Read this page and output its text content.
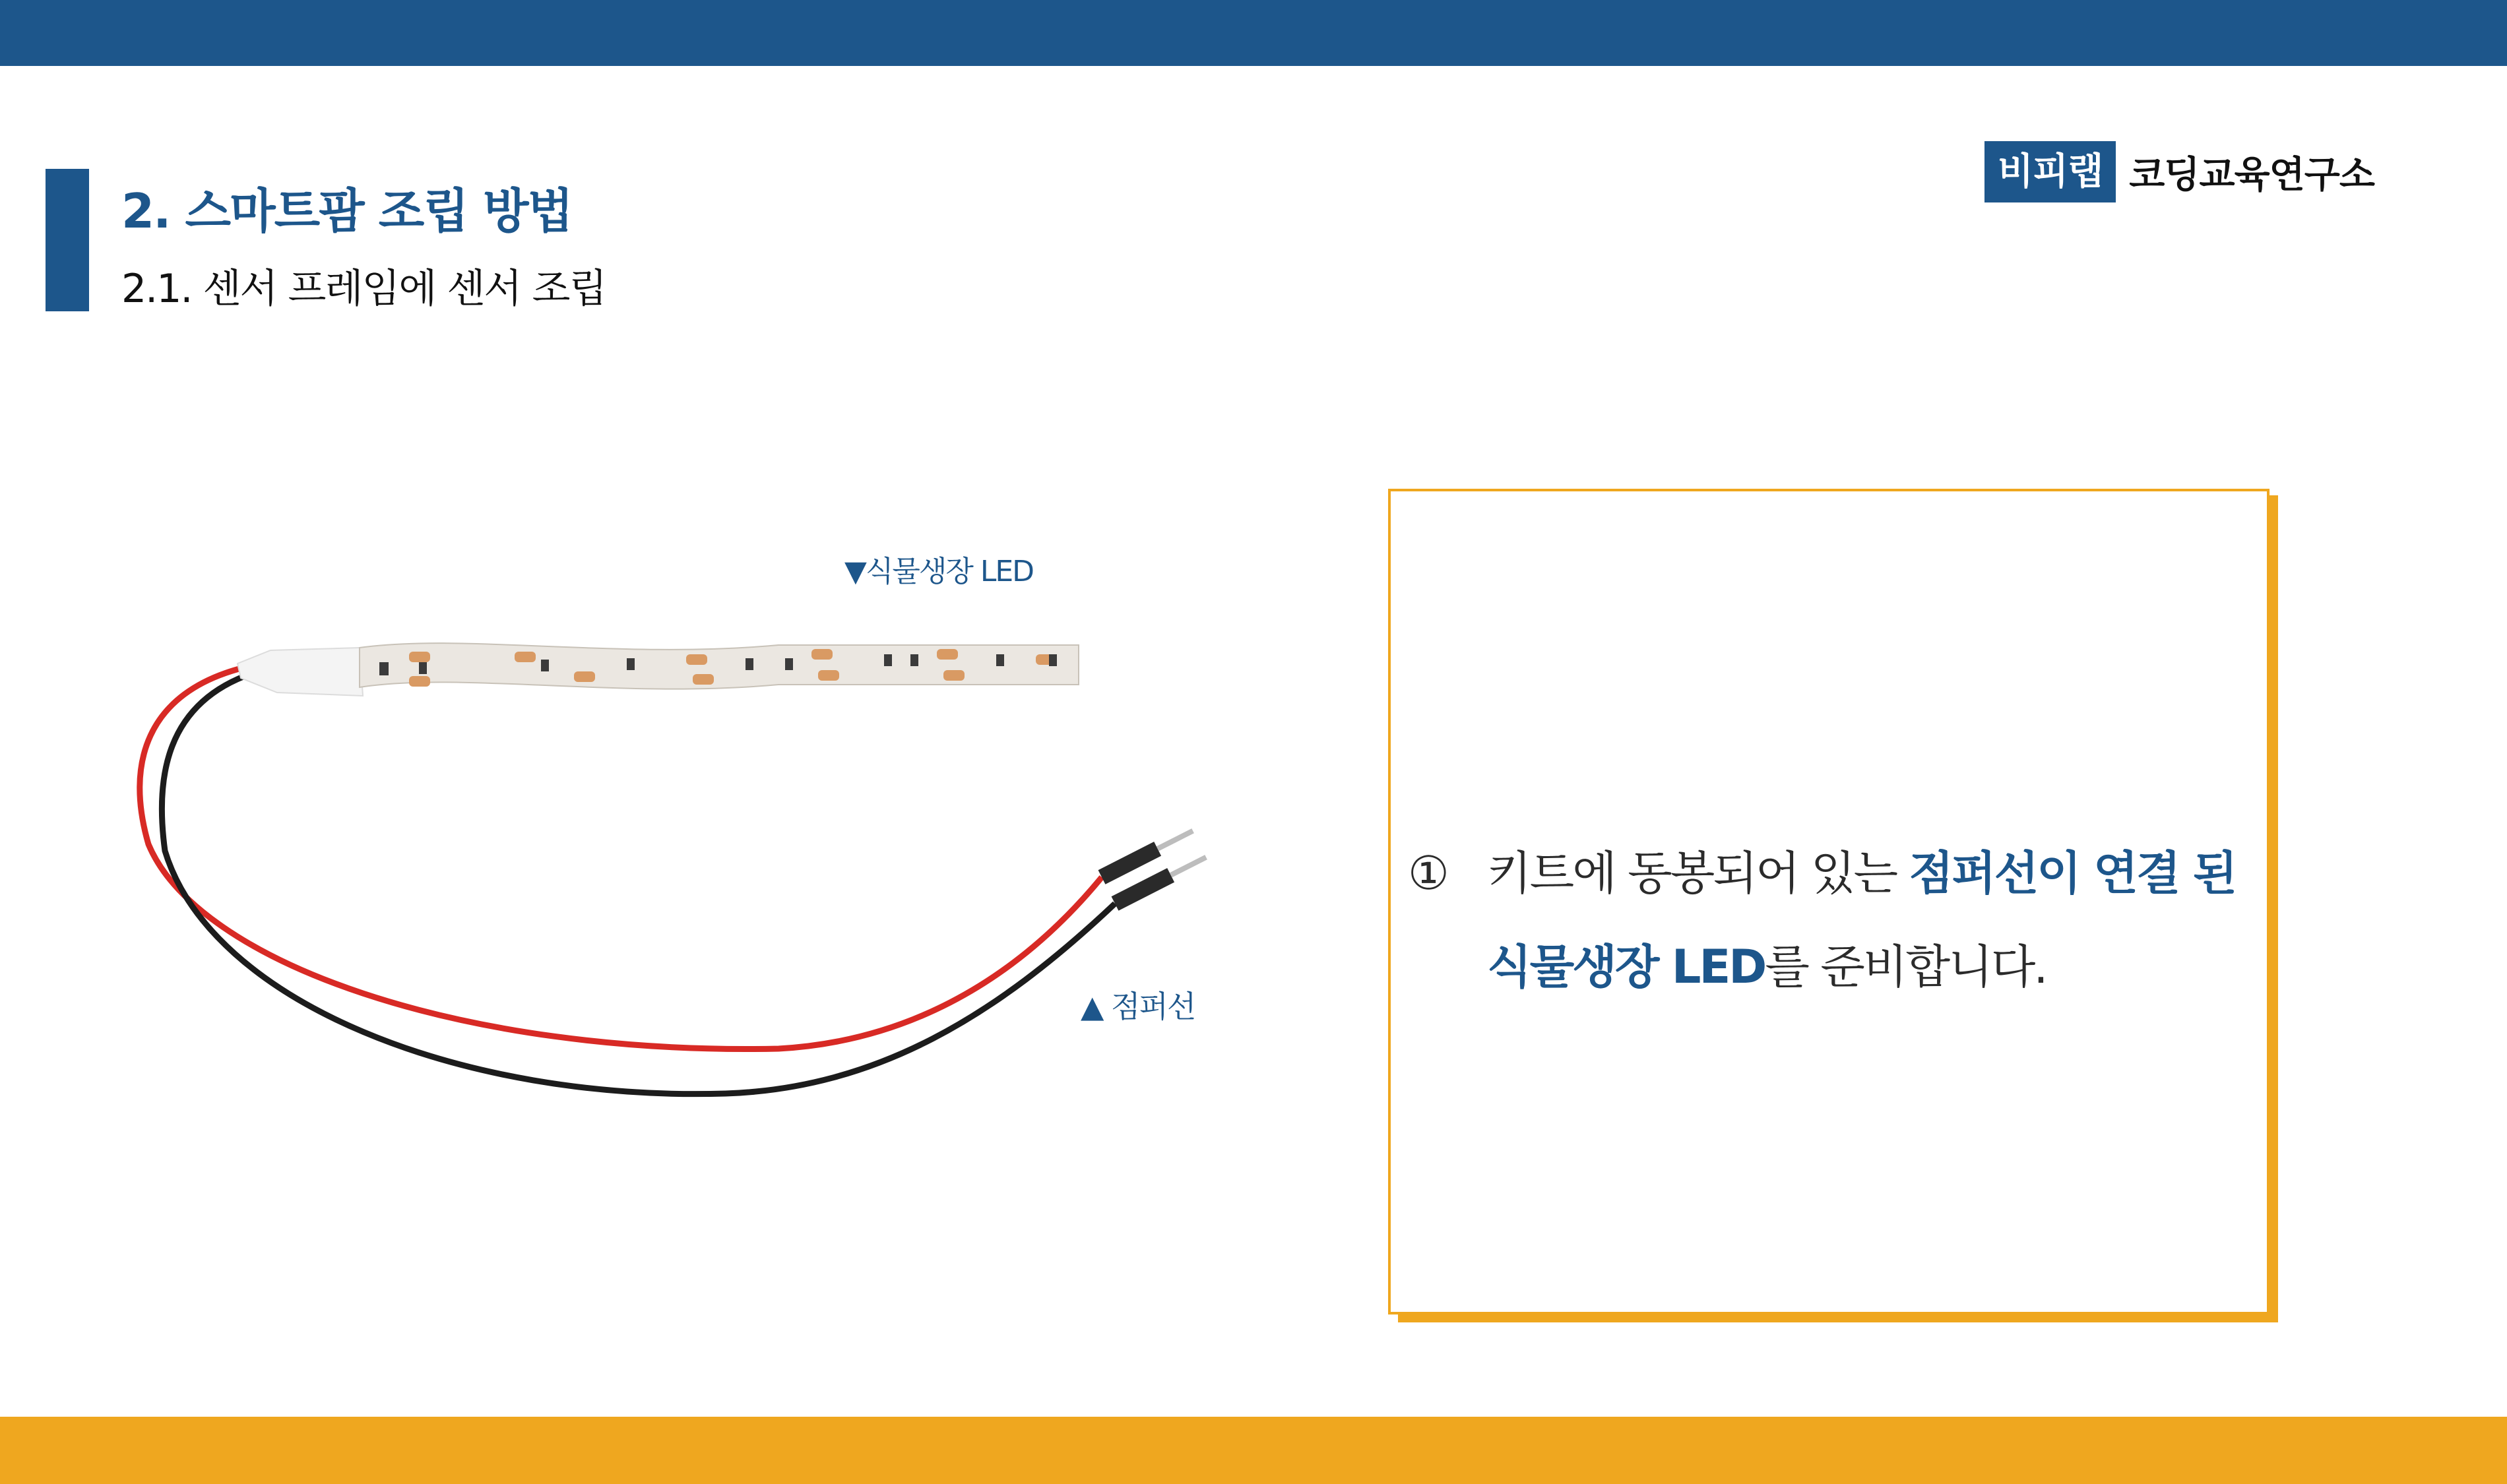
2. 스마트팜 조립 방법
2.1. 센서 프레임에 센서 조립
비피랩 코딩교육연구소
▼식물생장 LED
▲ 점퍼선
① 키트에 동봉되어 있는 점퍼선이 연결 된
식물생장 LED를 준비합니다.
